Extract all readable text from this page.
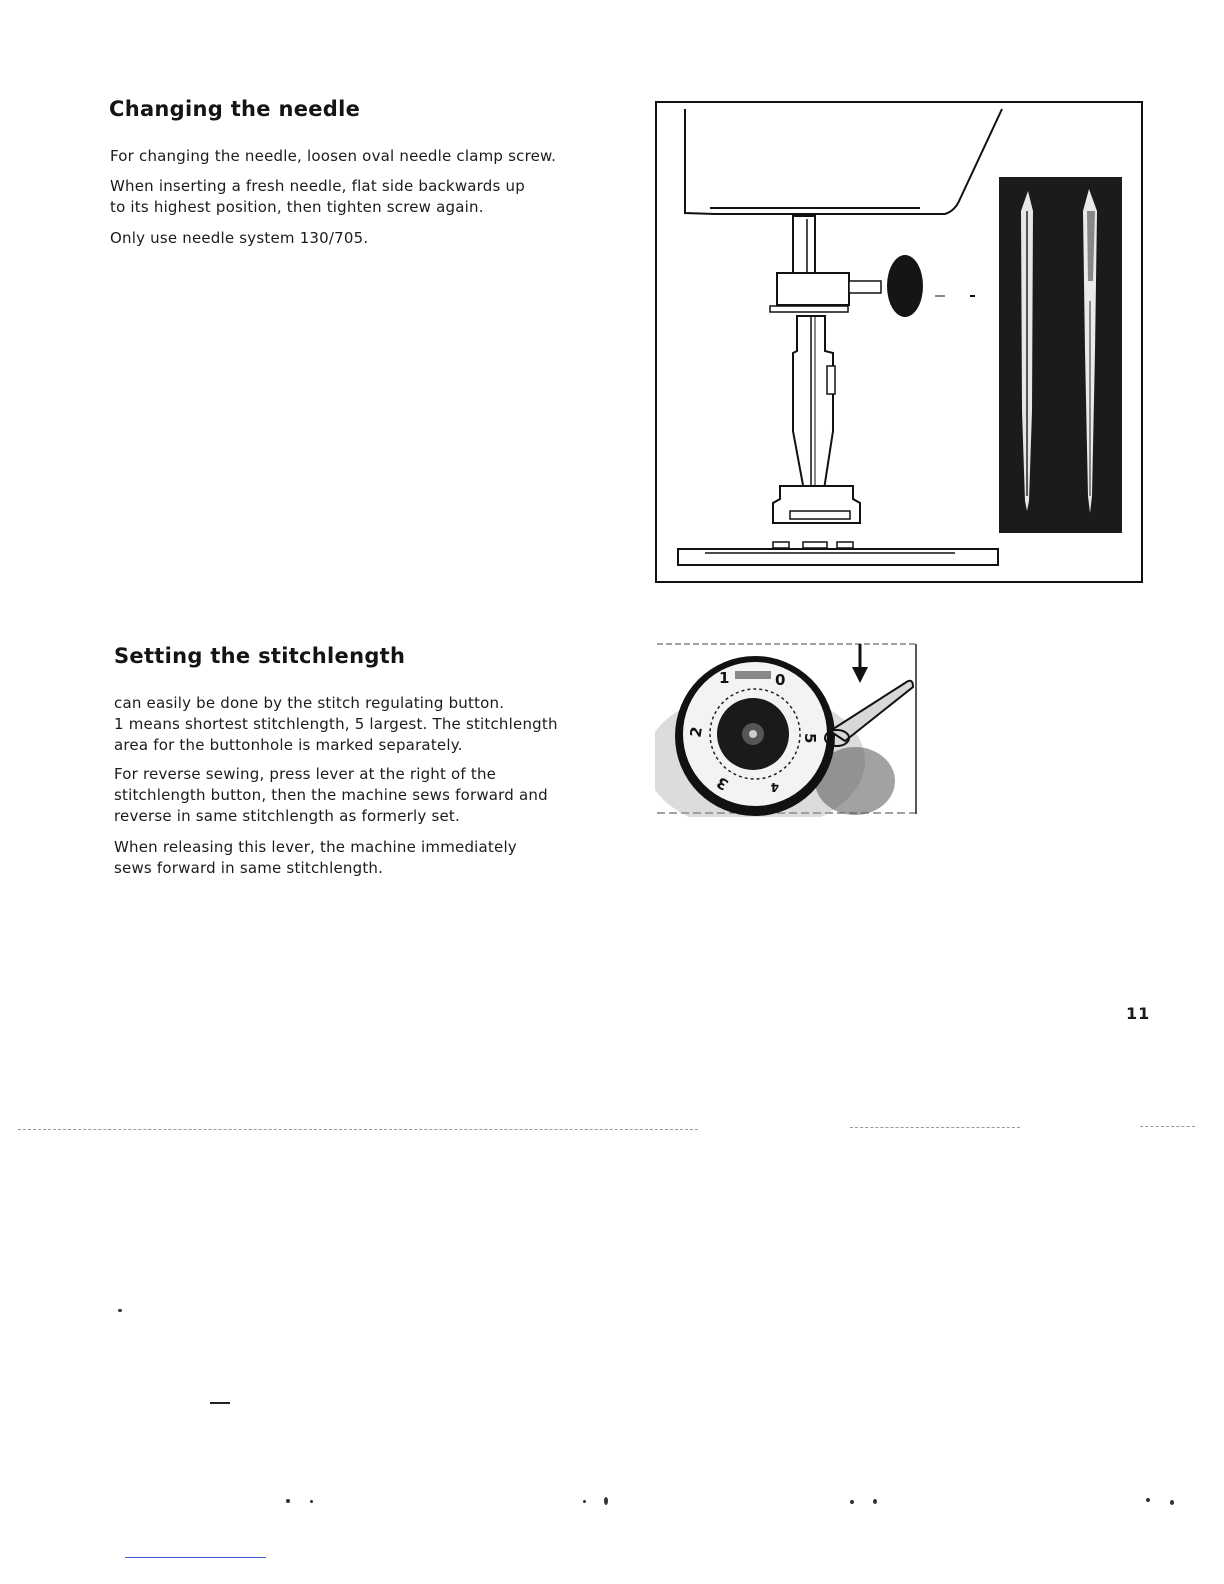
Changing the needle

For changing the needle, loosen oval needle clamp screw.

When inserting a fresh needle, flat side backwards up
to its highest position, then tighten screw again.

Only use needle system 130/705.

Setting the stitchlength

can easily be done by the stitch regulating button.
1 means shortest stitchlength, 5 largest. The stitchlength
area for the buttonhole is marked separately.

For reverse sewing, press lever at the right of the
stitchlength button, then the machine sews forward and
reverse in same stitchlength as formerly set.

When releasing this lever, the machine immediately
sews forward in same stitchlength.

1	0
2	5
3	4
11
